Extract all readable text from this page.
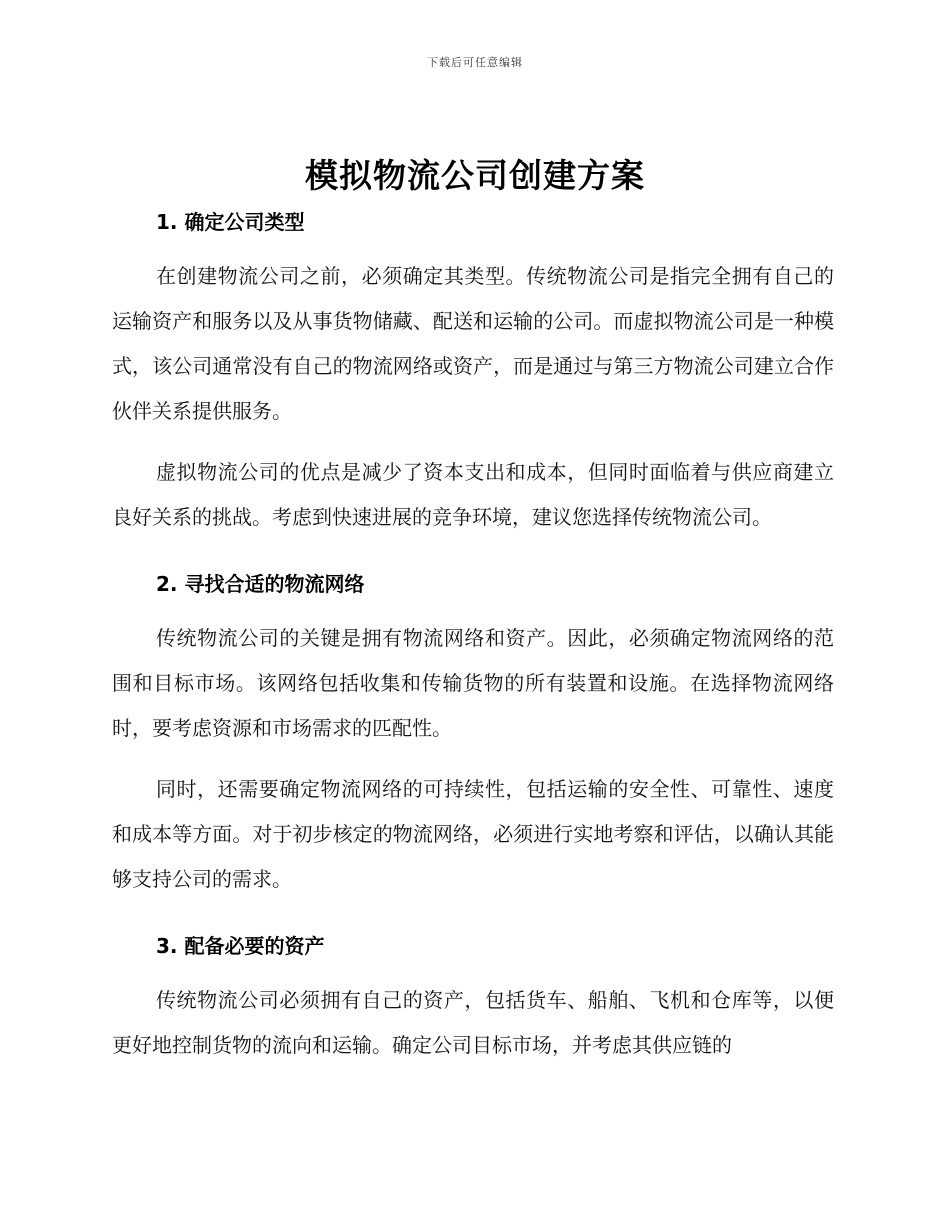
下载后可任意编辑
模拟物流公司创建方案
1. 确定公司类型

在创建物流公司之前，必须确定其类型。传统物流公司是指完全拥有自己的运输资产和服务以及从事货物储藏、配送和运输的公司。而虚拟物流公司是一种模式，该公司通常没有自己的物流网络或资产，而是通过与第三方物流公司建立合作伙伴关系提供服务。

虚拟物流公司的优点是减少了资本支出和成本，但同时面临着与供应商建立良好关系的挑战。考虑到快速进展的竞争环境，建议您选择传统物流公司。

2. 寻找合适的物流网络

传统物流公司的关键是拥有物流网络和资产。因此，必须确定物流网络的范围和目标市场。该网络包括收集和传输货物的所有装置和设施。在选择物流网络时，要考虑资源和市场需求的匹配性。

同时，还需要确定物流网络的可持续性，包括运输的安全性、可靠性、速度和成本等方面。对于初步核定的物流网络，必须进行实地考察和评估，以确认其能够支持公司的需求。

3. 配备必要的资产

传统物流公司必须拥有自己的资产，包括货车、船舶、飞机和仓库等，以便更好地控制货物的流向和运输。确定公司目标市场，并考虑其供应链的
